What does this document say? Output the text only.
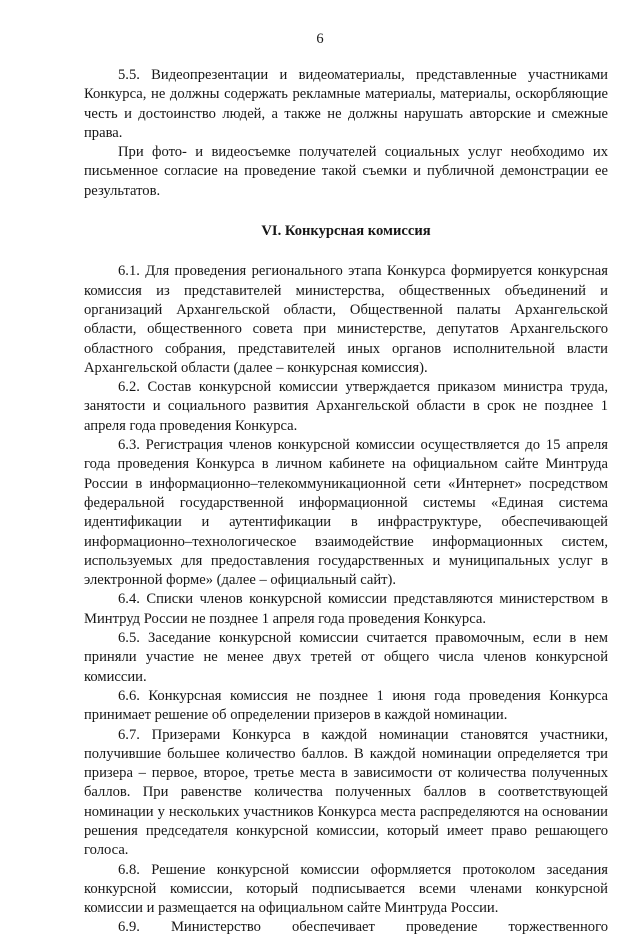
6

5.5. Видеопрезентации и видеоматериалы, представленные участниками Конкурса, не должны содержать рекламные материалы, материалы, оскорбляющие честь и достоинство людей, а также не должны нарушать авторские и смежные права.

При фото- и видеосъемке получателей социальных услуг необходимо их письменное согласие на проведение такой съемки и публичной демонстрации ее результатов.

VI. Конкурсная комиссия

6.1. Для проведения регионального этапа Конкурса формируется конкурсная комиссия из представителей министерства, общественных объединений и организаций Архангельской области, Общественной палаты Архангельской области, общественного совета при министерстве, депутатов Архангельского областного собрания, представителей иных органов исполнительной власти Архангельской области (далее – конкурсная комиссия).

6.2. Состав конкурсной комиссии утверждается приказом министра труда, занятости и социального развития Архангельской области в срок не позднее 1 апреля года проведения Конкурса.

6.3. Регистрация членов конкурсной комиссии осуществляется до 15 апреля года проведения Конкурса в личном кабинете на официальном сайте Минтруда России в информационно–телекоммуникационной сети «Интернет» посредством федеральной государственной информационной системы «Единая система идентификации и аутентификации в инфраструктуре, обеспечивающей информационно–технологическое взаимодействие информационных систем, используемых для предоставления государственных и муниципальных услуг в электронной форме» (далее – официальный сайт).

6.4. Списки членов конкурсной комиссии представляются министерством в Минтруд России не позднее 1 апреля года проведения Конкурса.

6.5. Заседание конкурсной комиссии считается правомочным, если в нем приняли участие не менее двух третей от общего числа членов конкурсной комиссии.

6.6. Конкурсная комиссия не позднее 1 июня года проведения Конкурса принимает решение об определении призеров в каждой номинации.

6.7. Призерами Конкурса в каждой номинации становятся участники, получившие большее количество баллов. В каждой номинации определяется три призера – первое, второе, третье места в зависимости от количества полученных баллов. При равенстве количества полученных баллов в соответствующей номинации у нескольких участников Конкурса места распределяются на основании решения председателя конкурсной комиссии, который имеет право решающего голоса.

6.8. Решение конкурсной комиссии оформляется протоколом заседания конкурсной комиссии, который подписывается всеми членами конкурсной комиссии и размещается на официальном сайте Минтруда России.

6.9. Министерство обеспечивает проведение торжественного
